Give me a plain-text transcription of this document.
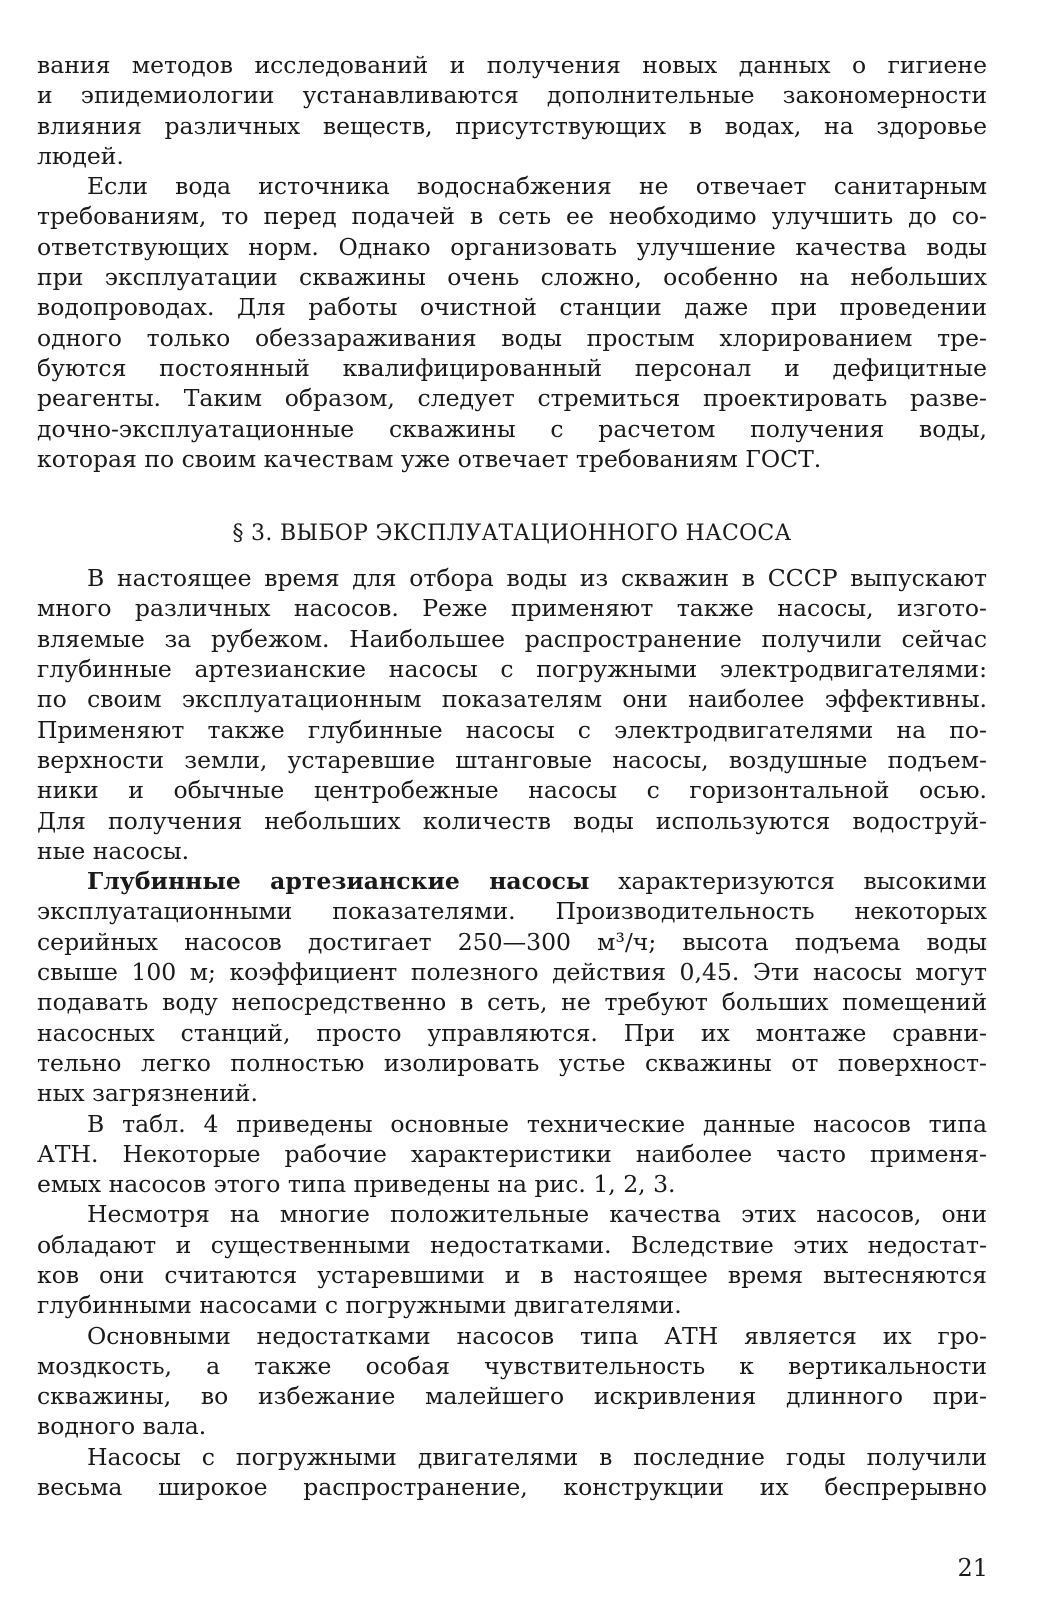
вания методов исследований и получения новых данных о гигиене
и эпидемиологии устанавливаются дополнительные закономерности
влияния различных веществ, присутствующих в водах, на здоровье
людей.

Если вода источника водоснабжения не отвечает санитарным
требованиям, то перед подачей в сеть ее необходимо улучшить до со-
ответствующих норм. Однако организовать улучшение качества воды
при эксплуатации скважины очень сложно, особенно на небольших
водопроводах. Для работы очистной станции даже при проведении
одного только обеззараживания воды простым хлорированием тре-
буются постоянный квалифицированный персонал и дефицитные
реагенты. Таким образом, следует стремиться проектировать разве-
дочно-эксплуатационные скважины с расчетом получения воды,
которая по своим качествам уже отвечает требованиям ГОСТ.

§ 3. ВЫБОР ЭКСПЛУАТАЦИОННОГО НАСОСА

В настоящее время для отбора воды из скважин в СССР выпускают
много различных насосов. Реже применяют также насосы, изгото-
вляемые за рубежом. Наибольшее распространение получили сейчас
глубинные артезианские насосы с погружными электродвигателями:
по своим эксплуатационным показателям они наиболее эффективны.
Применяют также глубинные насосы с электродвигателями на по-
верхности земли, устаревшие штанговые насосы, воздушные подъем-
ники и обычные центробежные насосы с горизонтальной осью.
Для получения небольших количеств воды используются водоструй-
ные насосы.

Глубинные артезианские насосы характеризуются высокими
эксплуатационными показателями. Производительность некоторых
серийных насосов достигает 250—300 м³/ч; высота подъема воды
свыше 100 м; коэффициент полезного действия 0,45. Эти насосы могут
подавать воду непосредственно в сеть, не требуют больших помещений
насосных станций, просто управляются. При их монтаже сравни-
тельно легко полностью изолировать устье скважины от поверхност-
ных загрязнений.

В табл. 4 приведены основные технические данные насосов типа
АТН. Некоторые рабочие характеристики наиболее часто применя-
емых насосов этого типа приведены на рис. 1, 2, 3.

Несмотря на многие положительные качества этих насосов, они
обладают и существенными недостатками. Вследствие этих недостат-
ков они считаются устаревшими и в настоящее время вытесняются
глубинными насосами с погружными двигателями.

Основными недостатками насосов типа АТН является их гро-
моздкость, а также особая чувствительность к вертикальности
скважины, во избежание малейшего искривления длинного при-
водного вала.

Насосы с погружными двигателями в последние годы получили
весьма широкое распространение, конструкции их беспрерывно

21
